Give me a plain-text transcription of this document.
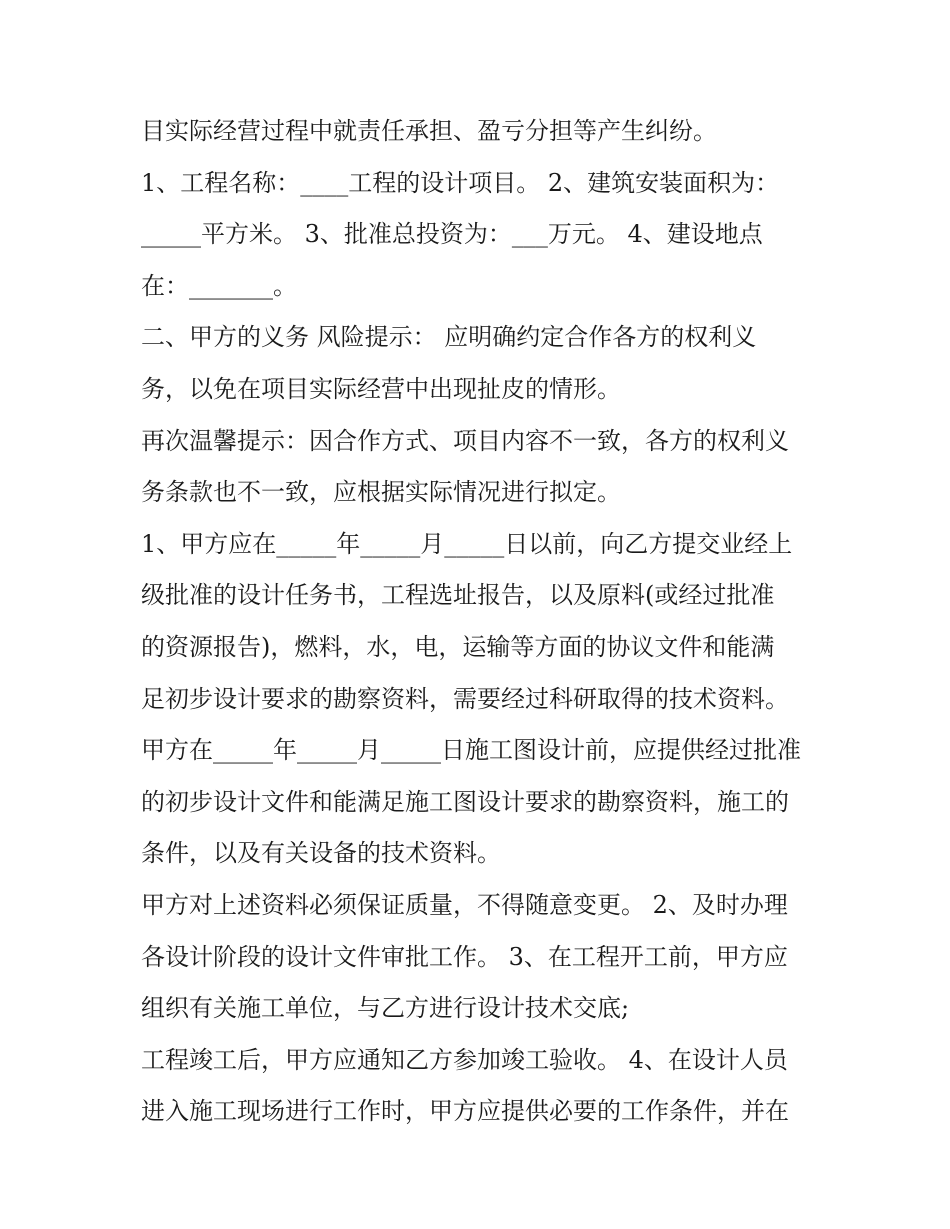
目实际经营过程中就责任承担、盈亏分担等产生纠纷。
1、工程名称：____工程的设计项目。 2、建筑安装面积为：
_____平方米。 3、批准总投资为：___万元。 4、建设地点
在：_______。
二、甲方的义务 风险提示： 应明确约定合作各方的权利义
务，以免在项目实际经营中出现扯皮的情形。
再次温馨提示：因合作方式、项目内容不一致，各方的权利义
务条款也不一致，应根据实际情况进行拟定。
1、甲方应在_____年_____月_____日以前，向乙方提交业经上
级批准的设计任务书，工程选址报告，以及原料(或经过批准
的资源报告)，燃料，水，电，运输等方面的协议文件和能满
足初步设计要求的勘察资料，需要经过科研取得的技术资料。
甲方在_____年_____月_____日施工图设计前，应提供经过批准
的初步设计文件和能满足施工图设计要求的勘察资料，施工的
条件，以及有关设备的技术资料。
甲方对上述资料必须保证质量，不得随意变更。 2、及时办理
各设计阶段的设计文件审批工作。 3、在工程开工前，甲方应
组织有关施工单位，与乙方进行设计技术交底;
工程竣工后，甲方应通知乙方参加竣工验收。 4、在设计人员
进入施工现场进行工作时，甲方应提供必要的工作条件，并在
